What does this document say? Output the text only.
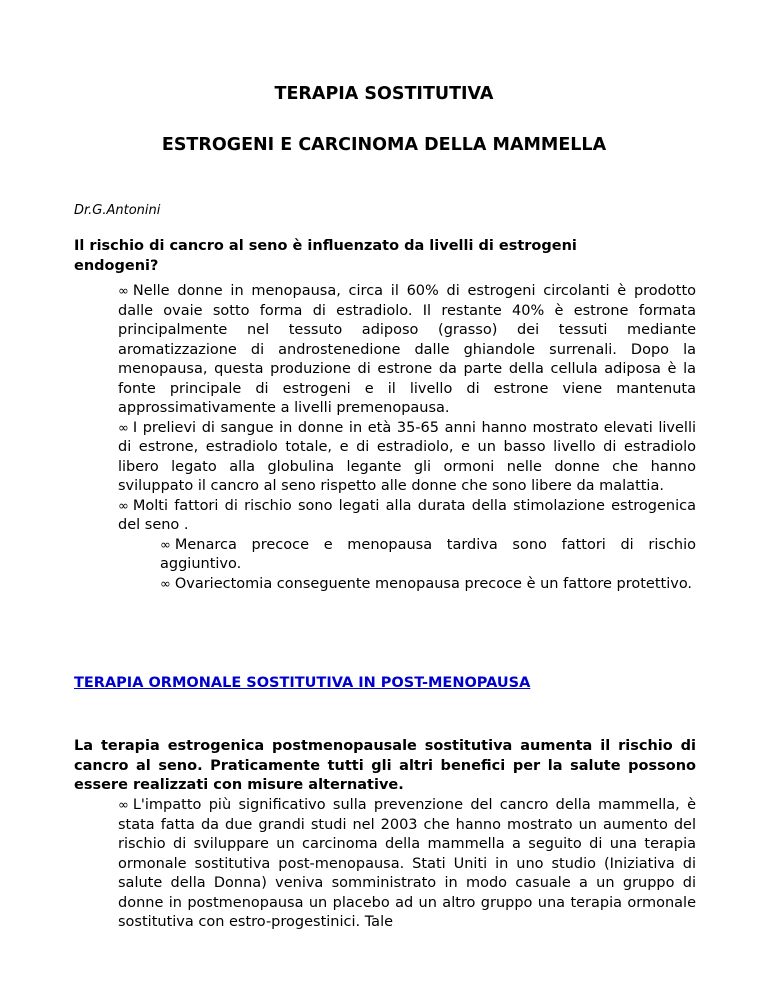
TERAPIA SOSTITUTIVA
ESTROGENI E CARCINOMA DELLA MAMMELLA

Dr.G.Antonini

Il rischio di cancro al seno è influenzato da livelli di estrogeni endogeni?

∞ Nelle donne in menopausa, circa il 60% di estrogeni circolanti è prodotto dalle ovaie sotto forma di estradiolo. Il restante 40% è estrone formata principalmente nel tessuto adiposo (grasso) dei tessuti mediante aromatizzazione di androstenedione dalle ghiandole surrenali. Dopo la menopausa, questa produzione di estrone da parte della cellula adiposa è la fonte principale di estrogeni e il livello di estrone viene mantenuta approssimativamente a livelli premenopausa.
∞ I prelievi di sangue in donne in età 35-65 anni hanno mostrato elevati livelli di estrone, estradiolo totale, e di estradiolo, e un basso livello di estradiolo libero legato alla globulina legante gli ormoni nelle donne che hanno sviluppato il cancro al seno rispetto alle donne che sono libere da malattia.
∞ Molti fattori di rischio sono legati alla durata della stimolazione estrogenica del seno .
∞ Menarca precoce e menopausa tardiva sono fattori di rischio aggiuntivo.
∞ Ovariectomia conseguente menopausa precoce è un fattore protettivo.
TERAPIA ORMONALE SOSTITUTIVA IN POST-MENOPAUSA

La terapia estrogenica postmenopausale sostitutiva aumenta il rischio di cancro al seno. Praticamente tutti gli altri benefici per la salute possono essere realizzati con misure alternative.

∞ L'impatto più significativo sulla prevenzione del cancro della mammella, è stata fatta da due grandi studi nel 2003 che hanno mostrato un aumento del rischio di sviluppare un carcinoma della mammella a seguito di una terapia ormonale sostitutiva post-menopausa. Stati Uniti in uno studio (Iniziativa di salute della Donna) veniva somministrato in modo casuale a un gruppo di donne in postmenopausa un placebo ad un altro gruppo una terapia ormonale sostitutiva con estro-progestinici. Tale
